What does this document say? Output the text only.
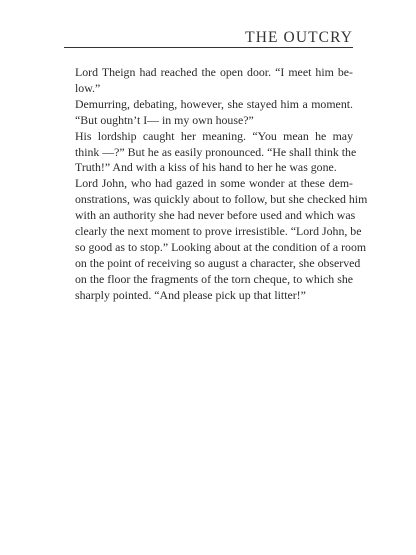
THE OUTCRY

Lord Theign had reached the open door. “I meet him be-
low.”

Demurring, debating, however, she stayed him a moment.
“But oughtn’t I— in my own house?”

His lordship caught her meaning. “You mean he may
think —?” But he as easily pronounced. “He shall think the
Truth!” And with a kiss of his hand to her he was gone.

Lord John, who had gazed in some wonder at these dem-
onstrations, was quickly about to follow, but she checked him
with an authority she had never before used and which was
clearly the next moment to prove irresistible. “Lord John, be
so good as to stop.” Looking about at the condition of a room
on the point of receiving so august a character, she observed
on the floor the fragments of the torn cheque, to which she
sharply pointed. “And please pick up that litter!”
